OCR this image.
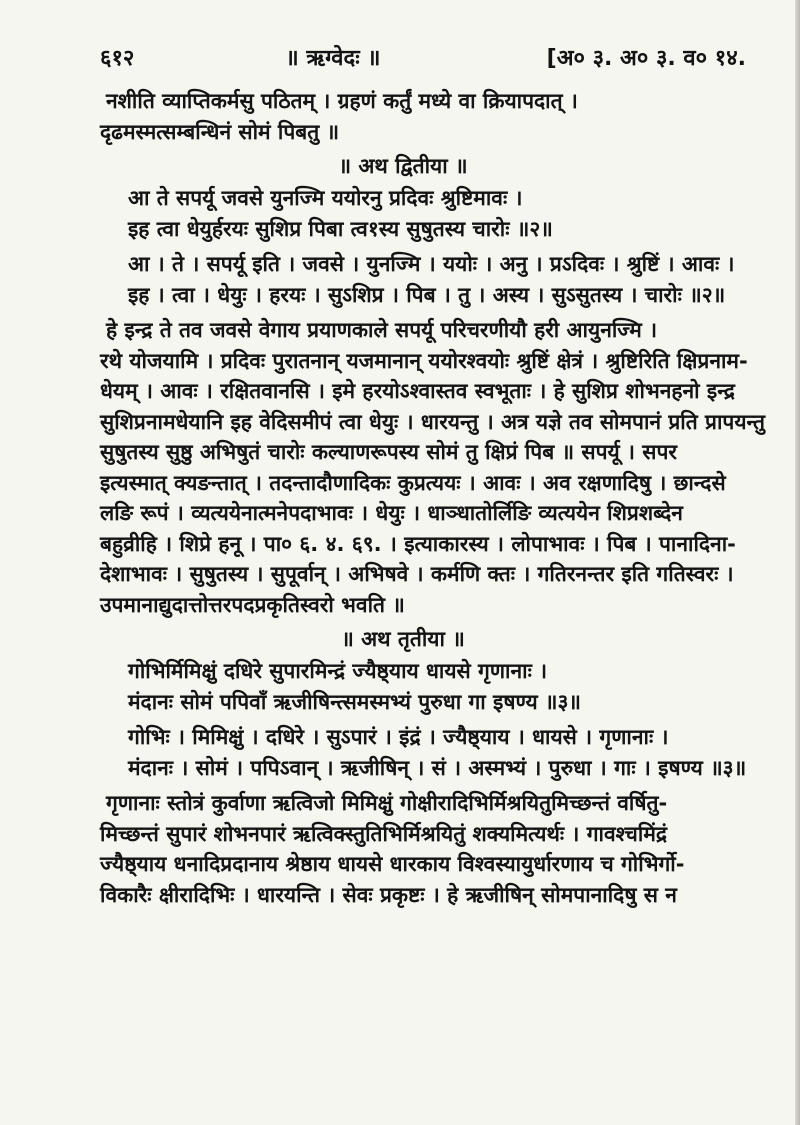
६१२	॥ ऋग्वेदः ॥	[अ० ३. अ० ३. व० १४.

नशीति व्याप्तिकर्मसु पठितम् । ग्रहणं कर्तुं मध्ये वा क्रियापदात् ।

दृढमस्मत्सम्बन्धिनं सोमं पिबतु ॥

॥ अथ द्वितीया ॥

आ ते सपर्यू जवसे युनज्मि ययोरनु प्रदिवः श्रुष्टिमावः ।

इह त्वा धेयुर्हरयः सुशिप्र पिबा त्व१स्य सुषुतस्य चारोः ॥२॥

आ । ते । सपर्यू इति । जवसे । युनज्मि । ययोः । अनु । प्रऽदिवः । श्रुष्टिं । आवः ।

इह । त्वा । धेयुः । हरयः । सुऽशिप्र । पिब । तु । अस्य । सुऽसुतस्य । चारोः ॥२॥

हे इन्द्र ते तव जवसे वेगाय प्रयाणकाले सपर्यू परिचरणीयौ हरी आयुनज्मि ।

रथे योजयामि । प्रदिवः पुरातनान् यजमानान् ययोरश्वयोः श्रुष्टिं क्षेत्रं । श्रुष्टिरिति क्षिप्रनाम-

धेयम् । आवः । रक्षितवानसि । इमे हरयोऽश्वास्तव स्वभूताः । हे सुशिप्र शोभनहनो इन्द्र

सुशिप्रनामधेयानि इह वेदिसमीपं त्वा धेयुः । धारयन्तु । अत्र यज्ञे तव सोमपानं प्रति प्रापयन्तु

सुषुतस्य सुष्ठु अभिषुतं चारोः कल्याणरूपस्य सोमं तु क्षिप्रं पिब ॥ सपर्यू । सपर

इत्यस्मात् क्यङन्तात् । तदन्तादौणादिकः कुप्रत्ययः । आवः । अव रक्षणादिषु । छान्दसे

लङि रूपं । व्यत्ययेनात्मनेपदाभावः । धेयुः । धाञ्धातोर्लिङि व्यत्ययेन शिप्रशब्देन

बहुव्रीहि । शिप्रे हनू । पा० ६. ४. ६९. । इत्याकारस्य । लोपाभावः । पिब । पानादिना-

देशाभावः । सुषुतस्य । सुपूर्वान् । अभिषवे । कर्मणि क्तः । गतिरनन्तर इति गतिस्वरः ।

उपमानाद्युदात्तोत्तरपदप्रकृतिस्वरो भवति ॥

॥ अथ तृतीया ॥

गोभिर्मिमिक्षुं दधिरे सुपारमिन्द्रं ज्यैष्ठ्याय धायसे गृणानाः ।

मंदानः सोमं पपिवाँ ऋजीषिन्त्समस्मभ्यं पुरुधा गा इषण्य ॥३॥

गोभिः । मिमिक्षुं । दधिरे । सुऽपारं । इंद्रं । ज्यैष्ठ्याय । धायसे । गृणानाः ।

मंदानः । सोमं । पपिऽवान् । ऋजीषिन् । सं । अस्मभ्यं । पुरुधा । गाः । इषण्य ॥३॥

गृणानाः स्तोत्रं कुर्वाणा ऋत्विजो मिमिक्षुं गोक्षीरादिभिर्मिश्रयितुमिच्छन्तं वर्षितु-

मिच्छन्तं सुपारं शोभनपारं ऋत्विक्स्तुतिभिर्मिश्रयितुं शक्यमित्यर्थः । गावश्चमिंद्रं

ज्यैष्ठ्याय धनादिप्रदानाय श्रेष्ठाय धायसे धारकाय विश्वस्यायुर्धारणाय च गोभिर्गो-

विकारैः क्षीरादिभिः । धारयन्ति । सेवः प्रकृष्टः । हे ऋजीषिन् सोमपानादिषु स न
